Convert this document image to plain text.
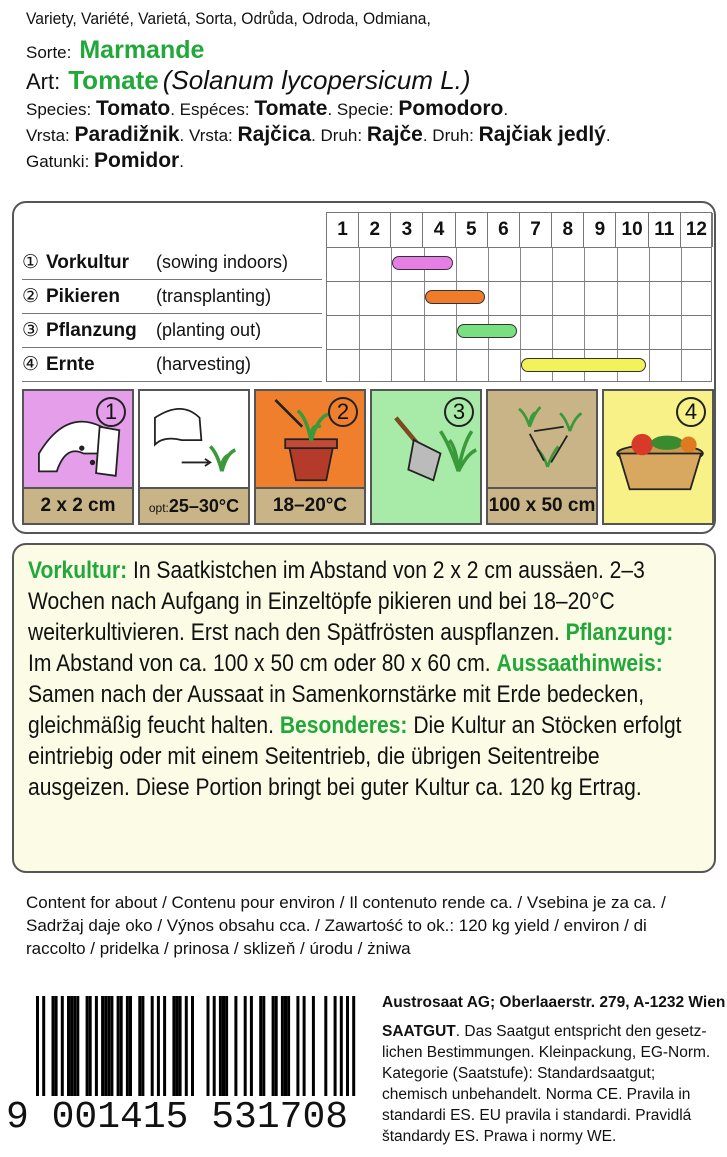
Variety, Variété, Varietá, Sorta, Odrůda, Odroda, Odmiana,
Sorte: Marmande
Art: Tomate (Solanum lycopersicum L.)
Species: Tomato. Espéces: Tomate. Specie: Pomodoro.
Vrsta: Paradižnik. Vrsta: Rajčica. Druh: Rajče. Druh: Rajčiak jedlý.
Gatunki: Pomidor.
1	2	3	4	5	6	7	8	9 10 11 12
① Vorkultur	(sowing indoors)
② Pikieren	(transplanting)
③ Pflanzung	(planting out)
④ Ernte	(harvesting)
1
2 x 2 cm	opt:25–30°C
2
18–20°C
3
100 x 50 cm
4

Vorkultur: In Saatkistchen im Abstand von 2 x 2 cm aussäen. 2–3 Wochen nach Aufgang in Einzeltöpfe pikieren und bei 18–20°C weiterkultivieren. Erst nach den Spätfrösten auspflanzen. Pflanzung: Im Abstand von ca. 100 x 50 cm oder 80 x 60 cm. Aussaathinweis: Samen nach der Aussaat in Samenkornstärke mit Erde bedecken, gleichmäßig feucht halten. Besonderes: Die Kultur an Stöcken erfolgt eintriebig oder mit einem Seitentrieb, die übrigen Seitentreibe ausgeizen. Diese Portion bringt bei guter Kultur ca. 120 kg Ertrag.

Content for about / Contenu pour environ / Il contenuto rende ca. / Vsebina je za ca. / Sadržaj daje oko / Výnos obsahu cca. / Zawartość to ok.: 120 kg yield / environ / di raccolto / pridelka / prinosa / sklizeň / úrodu / żniwa
9 001415 531708
Austrosaat AG; Oberlaaerstr. 279, A-1232 Wien

SAATGUT. Das Saatgut entspricht den gesetzlichen Bestimmungen. Kleinpackung, EG-Norm. Kategorie (Saatstufe): Standardsaatgut; chemisch unbehandelt. Norma CE. Pravila in standardi ES. EU pravila i standardi. Pravidlá štandardy ES. Prawa i normy WE.
